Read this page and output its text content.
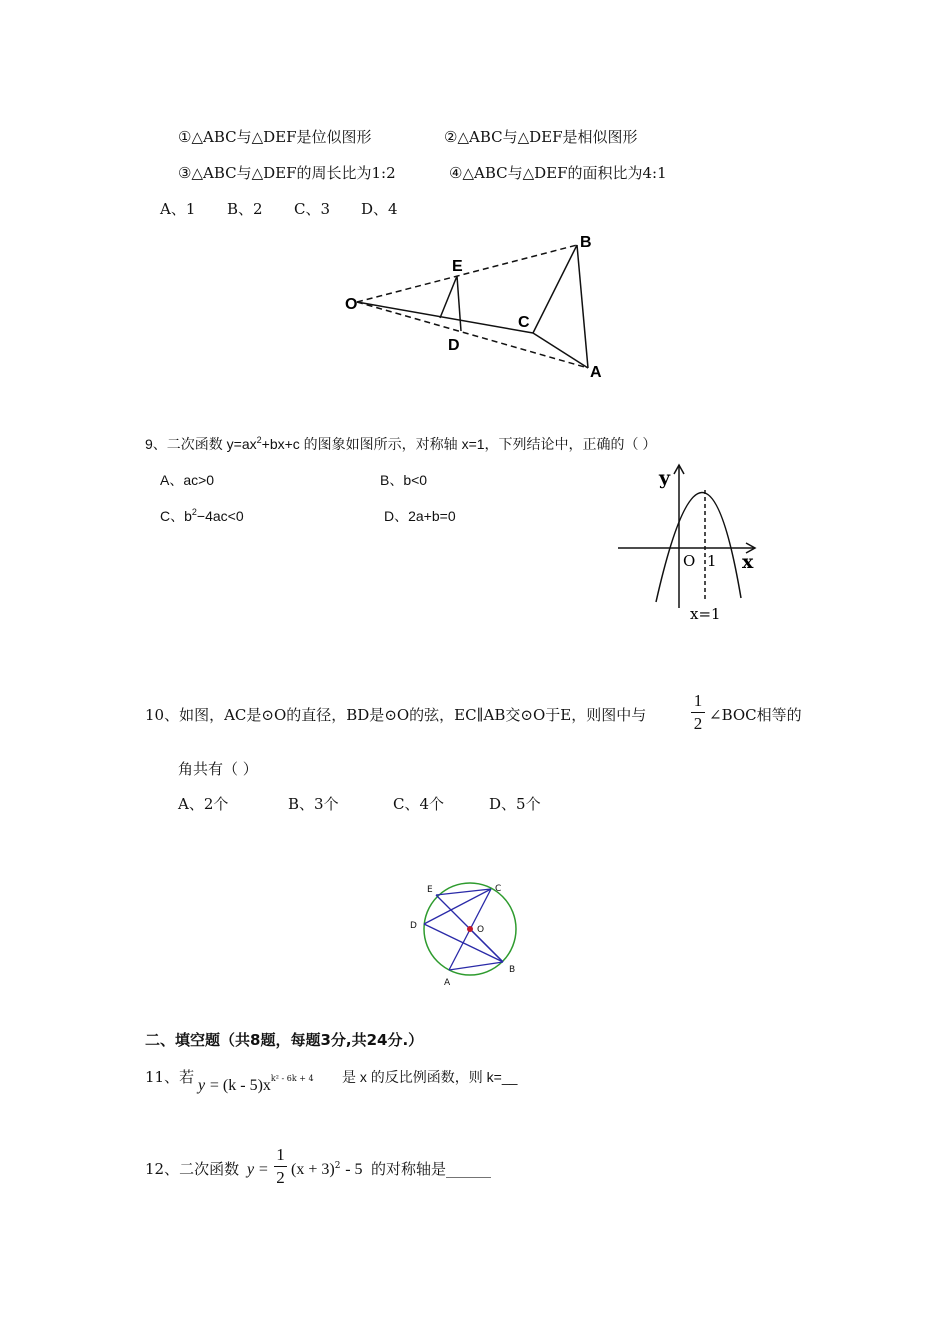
①△ABC与△DEF是位似图形	②△ABC与△DEF是相似图形
③△ABC与△DEF的周长比为1:2	④△ABC与△DEF的面积比为4:1
A、1 B、2 C、3 D、4
O
E
D
C
B
A
9、二次函数 $y=ax^2+bx+c$ 的图象如图所示，对称轴 x=1，下列结论中，正确的（ ）
A、ac>0	B、b<0
C、$b^2-4ac<0$	D、2a+b=0
y
x
O 1
x=1
10、如图，AC是⊙O的直径，BD是⊙O的弦，EC∥AB交⊙O于E，则图中与
1
2 ∠BOC相等的
角共有（ ）
A、2个	B、3个	C、4个	D、5个
E	C
D	O
A
B
二、填空题（共8题，每题3分,共24分.）
11、若 $y = (k - 5)x^{k^2 - 6k + 4}$ 是 x 的反比例函数，则 k=__
12、二次函数 y =
1
2 $(x + 3)^2 - 5$ 的对称轴是______
